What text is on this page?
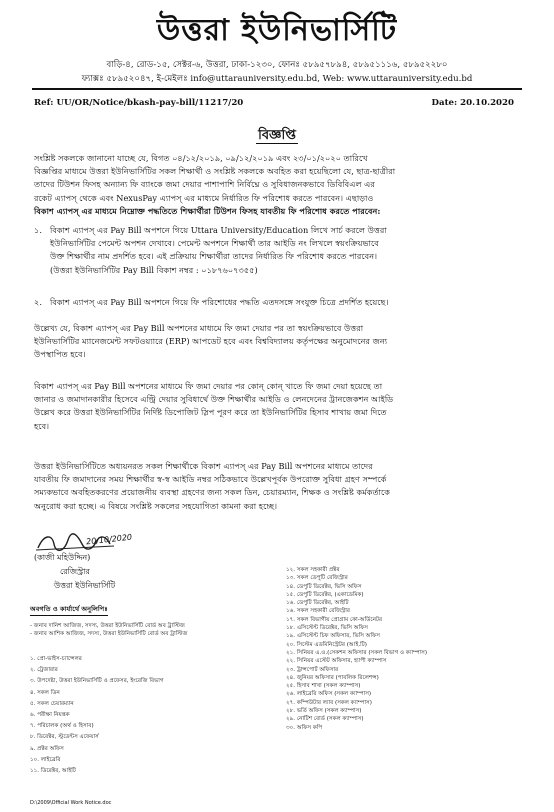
উত্তরা ইউনিভার্সিটি
বাড়ি-৪, রোড-১৫, সেক্টর-৬, উত্তরা, ঢাকা-১২৩০, ফোনঃ ৫৮৯৫৭৮৯৪, ৫৮৯৫১১১৬, ৫৮৯৫২২৮০
ফ্যাক্সঃ ৫৮৯৫২০৪৭, ই-মেইলঃ info@uttarauniversity.edu.bd, Web: www.uttarauniversity.edu.bd
Ref: UU/OR/Notice/bkash-pay-bill/11217/20	Date: 20.10.2020
বিজ্ঞপ্তি
সংশ্লিষ্ট সকলকে জানানো যাচ্ছে যে, বিগত ০৪/১২/২০১৯, ০৯/১২/২০১৯ এবং ২৩/০১/২০২০ তারিখে
বিজ্ঞপ্তির মাধ্যমে উত্তরা ইউনিভার্সিটির সকল শিক্ষার্থী ও সংশ্লিষ্ট সকলকে অবহিত করা হয়েছিলো যে, ছাত্র-ছাত্রীরা
তাদের টিউশন ফিসহ অন্যান্য ফি ব্যাংকে জমা দেয়ার পাশাপাশি নির্বিঘ্নে ও সুবিধাজনকভাবে ডিবিবিএল এর
রকেট এ্যাপস্‌ থেকে এবং NexusPay এ্যাপস্‌ এর মাধ্যমে নির্ধারিত ফি পরিশোধ করতে পারবেন। এছাড়াও
বিকাশ এ্যাপস্‌ এর মাধ্যমে নিম্নোক্ত পদ্ধতিতে শিক্ষার্থীরা টিউশন ফিসহ যাবতীয় ফি পরিশোধ করতে পারবেন:
১. বিকাশ এ্যাপস্‌ এর Pay Bill অপশনে গিয়ে Uttara University/Education লিখে সার্চ করলে উত্তরা
ইউনিভার্সিটির পেমেন্ট অপশন দেখাবে। পেমেন্ট অপশনে শিক্ষার্থী তার আইডি নং লিখলে স্বয়ংক্রিয়ভাবে
উক্ত শিক্ষার্থীর নাম প্রদর্শিত হবে। এই প্রক্রিয়ায় শিক্ষার্থীরা তাদের নির্ধারিত ফি পরিশোধ করতে পারবেন।
(উত্তরা ইউনিভার্সিটির Pay Bill বিকাশ নম্বর : ০১৮৭৬০৭৩৫৫)
২. বিকাশ এ্যাপস্‌ এর Pay Bill অপশনে গিয়ে ফি পরিশোধের পদ্ধতি এতদসঙ্গে সংযুক্ত চিত্রে প্রদর্শিত হয়েছে।
উল্লেখ্য যে, বিকাশ এ্যাপস্‌ এর Pay Bill অপশনের মাধ্যমে ফি জমা দেয়ার পর তা স্বয়ংক্রিয়ভাবে উত্তরা
ইউনিভার্সিটির ম্যানেজমেন্ট সফটওয়্যারে (ERP) আপডেট হবে এবং বিশ্ববিদ্যালয় কর্তৃপক্ষের অনুমোদনের জন্য
উপস্থাপিত হবে।
বিকাশ এ্যাপস্‌ এর Pay Bill অপশনের মাধ্যমে ফি জমা দেয়ার পর কোন্‌ কোন্‌ খাতে ফি জমা দেয়া হয়েছে তা
জানার ও জমাদানকারীর হিসেবে এন্ট্রি দেয়ার সুবিধার্থে উক্ত শিক্ষার্থীর আইডি ও লেনদেনের ট্রানজেকশন আইডি
উল্লেখ করে উত্তরা ইউনিভার্সিটির নির্দিষ্ট ডিপোজিট স্লিপ পূরণ করে তা ইউনিভার্সিটির হিসাব শাখায় জমা দিতে
হবে।
উত্তরা ইউনিভার্সিটিতে অধ্যয়নরত সকল শিক্ষার্থীকে বিকাশ এ্যাপস্‌ এর Pay Bill অপশনের মাধ্যমে তাদের
যাবতীয় ফি জমাদানের সময় শিক্ষার্থীর স্ব-স্ব আইডি নম্বর সঠিকভাবে উল্লেখপূর্বক উপরোক্ত সুবিধা গ্রহণ সম্পর্কে
সম্যকভাবে অবহিতকরণের প্রয়োজনীয় ব্যবস্থা গ্রহণের জন্য সকল ডিন, চেয়ারম্যান, শিক্ষক ও সংশ্লিষ্ট কর্মকর্তাকে
অনুরোধ করা হচ্ছে। এ বিষয়ে সংশ্লিষ্ট সকলের সহযোগিতা কামনা করা হচ্ছে।
20/10/2020
(কাজী মহিউদ্দিন)
রেজিস্ট্রার
উত্তরা ইউনিভার্সিটি
অবগতি ও কার্যার্থে অনুলিপিঃ
- জনাব দানিশ আজিজ, সদস্য, উত্তরা ইউনিভার্সিটি বোর্ড অব ট্রাস্টিজ
- জনাব আশিক আজিজ, সদস্য, উত্তরা ইউনিভার্সিটি বোর্ড অব ট্রাস্টিজ
১. প্রো-ভাইস-চ্যান্সেলর
২. ট্রেজারার
৩. উপদেষ্টা, উত্তরা ইউনিভার্সিটি ও প্রফেসর, ইংরেজি বিভাগ
৪. সকল ডিন
৫. সকল চেয়ারম্যান
৬. পরীক্ষা নিয়ন্ত্রক
৭. পরিচালক (অর্থ ও হিসাব)
৮. ডিরেক্টর, স্টুডেন্টস এফেয়ার্স
৯. প্রক্টর অফিস
১০. লাইব্রেরি
১১. ডিরেক্টর, আইটি
১২. সকল সহকারী প্রক্টর
১৩. সকল ডেপুটি রেজিস্ট্রার
১৪. ডেপুটি ডিরেক্টর, ভিসি অফিস
১৫. ডেপুটি ডিরেক্টর, (একাডেমিক)
১৬. ডেপুটি ডিরেক্টর, আইটি
১৬. সকল সহকারী রেজিস্ট্রার
১৭. সকল বিভাগীয় প্রোগ্রাম কো-অর্ডিনেটর
১৮. এসিস্টেন্ট ডিরেক্টর, ভিসি অফিস
১৯. এসিস্টেন্ট চিফ অফিসার, ভিসি অফিস
২০. সিস্টেম এডমিনিস্ট্রেটর (আই.টি)
২১. সিনিয়র এ.ও.(সেকশন অফিসার (সকল বিভাগ ও ক্যাম্পাস)
২২. সিনিয়র এস্টেট অফিসার, হ্যাপী ক্যাম্পাস
২৩. ট্রান্সপোর্ট অফিসার
২৪. জুনিয়র অফিসার (পাবলিক রিলেশন্স)
২৫. হিসাব শাখা (সকল ক্যাম্পাস)
২৬. লাইব্রেরি অফিস (সকল ক্যাম্পাস)
২৭. কম্পিউটার ল্যাব (সকল ক্যাম্পাস)
২৮. ভর্তি অফিস (সকল ক্যাম্পাস)
২৯. নোটিশ বোর্ড (সকল ক্যাম্পাস)
৩০. অফিস কপি
D:\2009\Official Work Notice.doc
